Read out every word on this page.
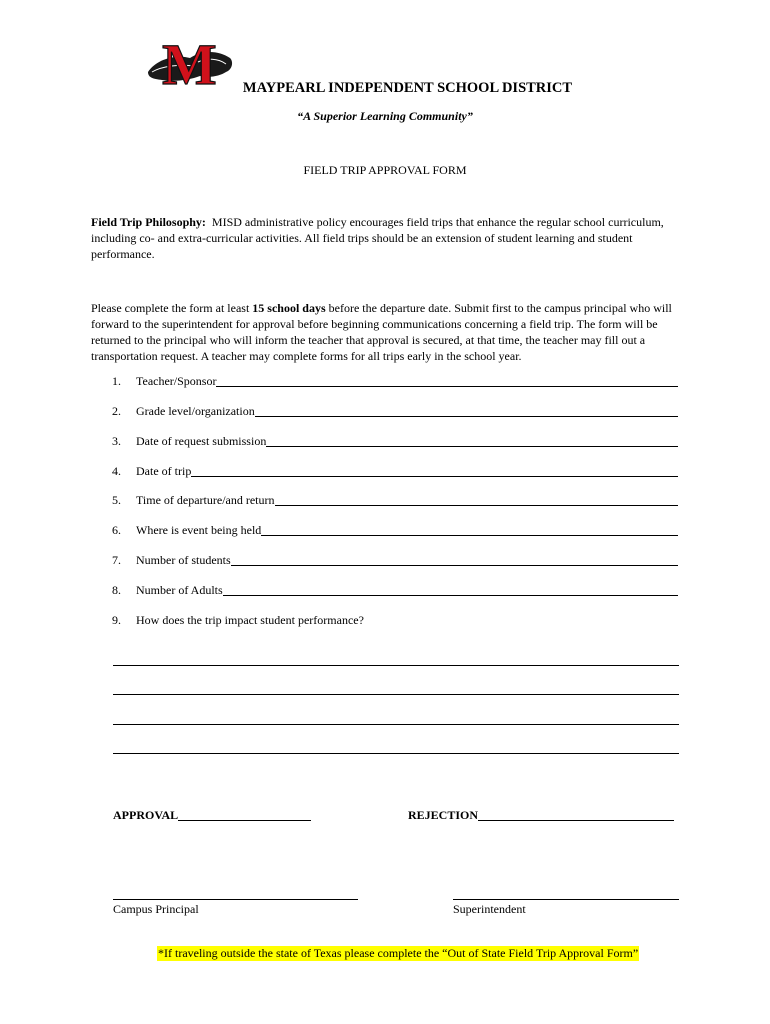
M	MAYPEARL INDEPENDENT SCHOOL DISTRICT
“A Superior Learning Community”
FIELD TRIP APPROVAL FORM

Field Trip Philosophy: MISD administrative policy encourages field trips that enhance the regular school curriculum, including co- and extra-curricular activities. All field trips should be an extension of student learning and student performance.

Please complete the form at least 15 school days before the departure date. Submit first to the campus principal who will forward to the superintendent for approval before beginning communications concerning a field trip. The form will be returned to the principal who will inform the teacher that approval is secured, at that time, the teacher may fill out a transportation request. A teacher may complete forms for all trips early in the school year.

1.	Teacher/Sponsor
2.	Grade level/organization
3.	Date of request submission
4.	Date of trip
5.	Time of departure/and return
6.	Where is event being held
7.	Number of students
8.	Number of Adults
9.	How does the trip impact student performance?
APPROVAL	REJECTION
Campus Principal	Superintendent
*If traveling outside the state of Texas please complete the “Out of State Field Trip Approval Form”
